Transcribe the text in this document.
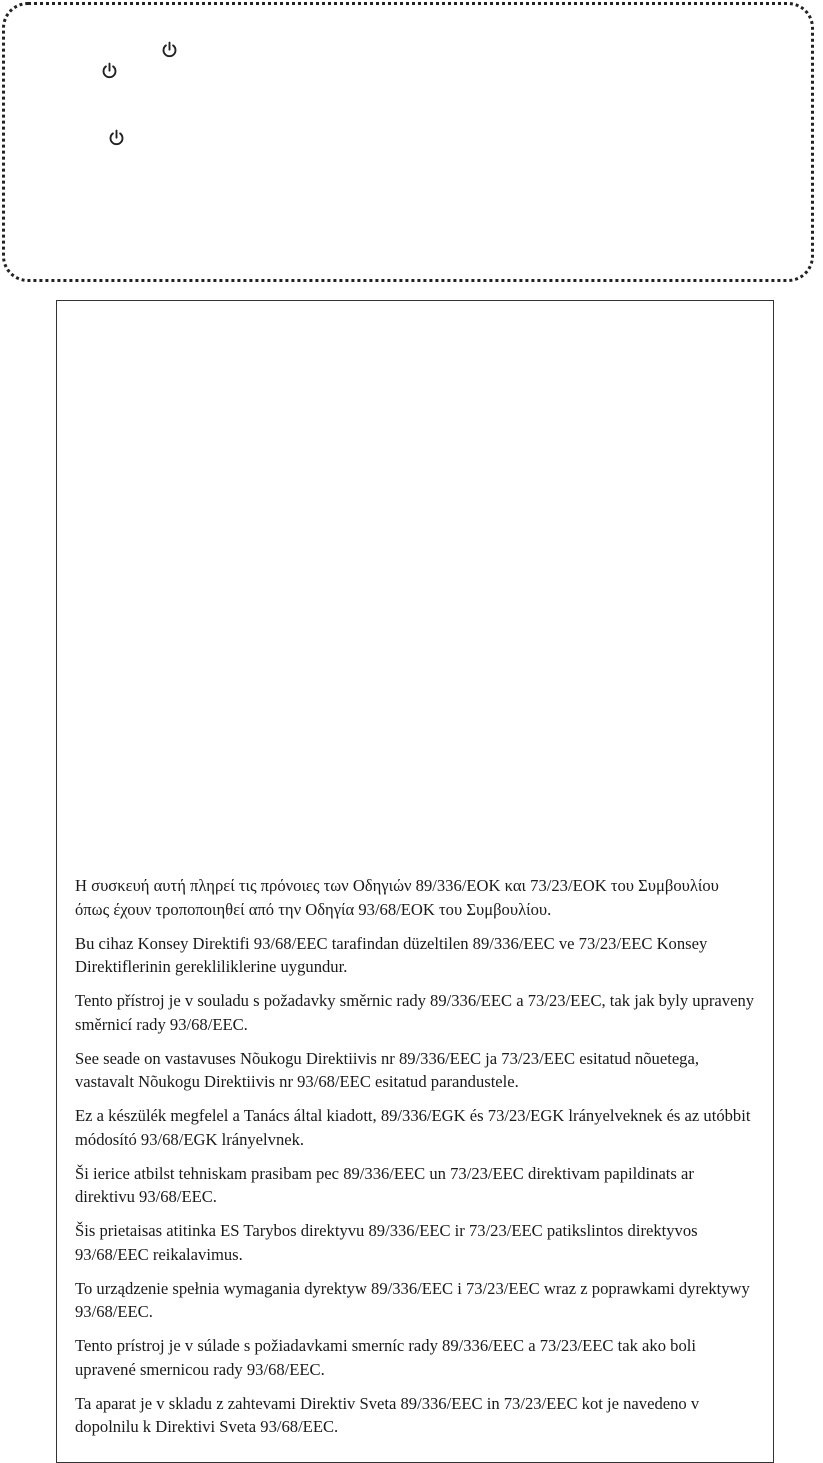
Η συσκευή αυτή πληρεί τις πρόνοιες των Οδηγιών 89/336/ΕΟΚ και 73/23/ΕΟΚ του Συμβουλίου όπως έχουν τροποποιηθεί από την Οδηγία 93/68/ΕΟΚ του Συμβουλίου.
Bu cihaz Konsey Direktifi 93/68/EEC tarafindan düzeltilen 89/336/EEC ve 73/23/EEC Konsey Direktiflerinin gerekliliklerine uygundur.
Tento přístroj je v souladu s požadavky směrnic rady 89/336/EEC a 73/23/EEC, tak jak byly upraveny směrnicí rady 93/68/EEC.
See seade on vastavuses Nõukogu Direktiivis nr 89/336/EEC ja 73/23/EEC esitatud nõuetega, vastavalt Nõukogu Direktiivis nr 93/68/EEC esitatud parandustele.
Ez a készülék megfelel a Tanács által kiadott, 89/336/EGK és 73/23/EGK lrányelveknek és az utóbbit módosító 93/68/EGK lrányelvnek.
Ši ierice atbilst tehniskam prasibam pec 89/336/EEC un 73/23/EEC direktivam papildinats ar direktivu 93/68/EEC.
Šis prietaisas atitinka ES Tarybos direktyvu 89/336/EEC ir 73/23/EEC patikslintos direktyvos 93/68/EEC reikalavimus.
To urządzenie spełnia wymagania dyrektyw 89/336/EEC i 73/23/EEC wraz z poprawkami dyrektywy 93/68/EEC.
Tento prístroj je v súlade s požiadavkami smerníc rady 89/336/EEC a 73/23/EEC tak ako boli upravené smernicou rady 93/68/EEC.
Ta aparat je v skladu z zahtevami Direktiv Sveta 89/336/EEC in 73/23/EEC kot je navedeno v dopolnilu k Direktivi Sveta 93/68/EEC.
